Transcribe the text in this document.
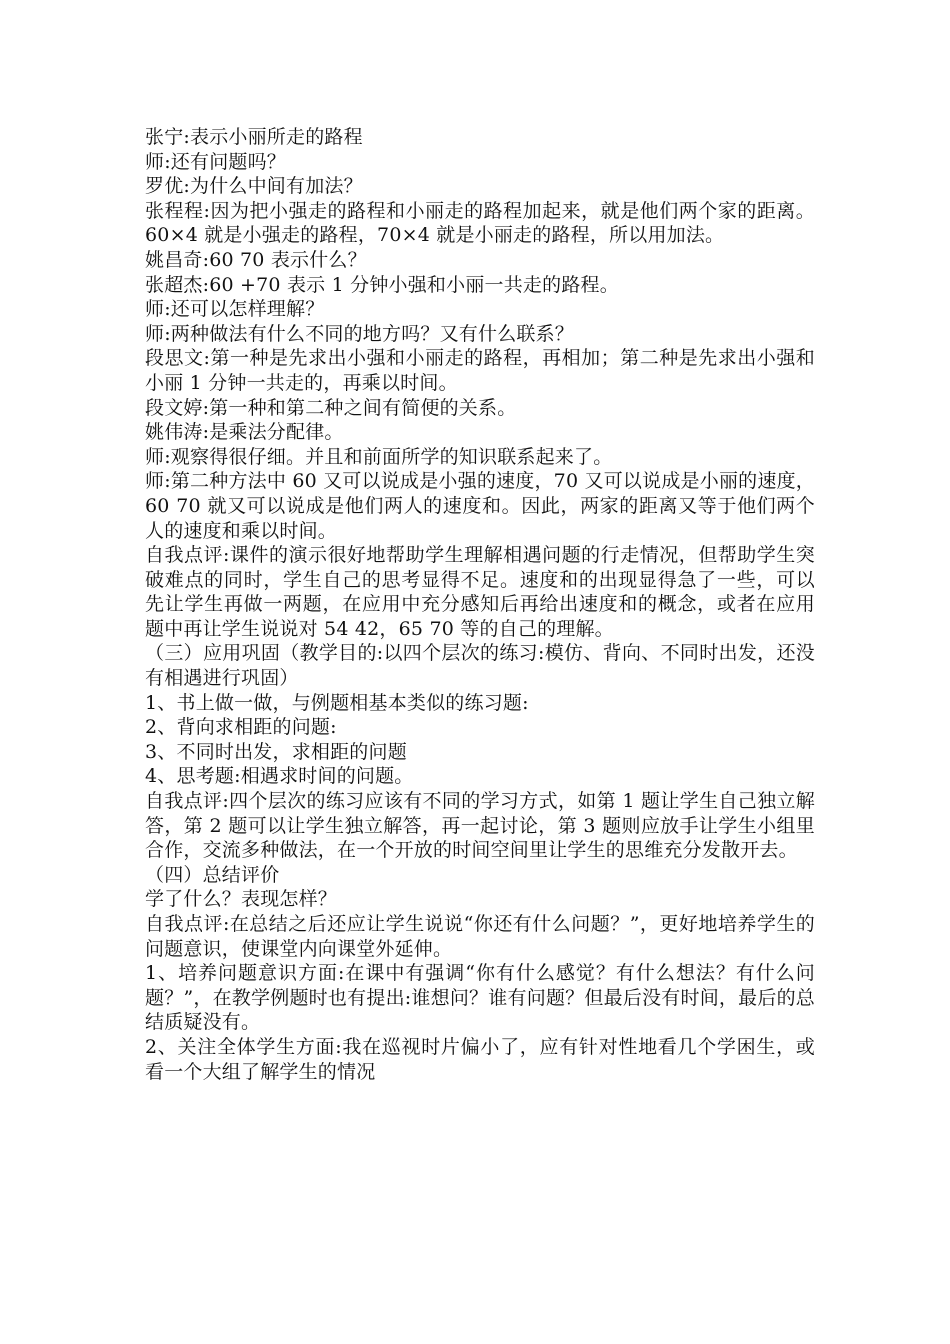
张宁:表示小丽所走的路程

师:还有问题吗？

罗优:为什么中间有加法？

张程程:因为把小强走的路程和小丽走的路程加起来，就是他们两个家的距离。60×4 就是小强走的路程，70×4 就是小丽走的路程，所以用加法。

姚昌奇:60 70 表示什么？

张超杰:60 +70 表示 1 分钟小强和小丽一共走的路程。

师:还可以怎样理解？

师:两种做法有什么不同的地方吗？又有什么联系？

段思文:第一种是先求出小强和小丽走的路程，再相加；第二种是先求出小强和小丽 1 分钟一共走的，再乘以时间。

段文婷:第一种和第二种之间有简便的关系。

姚伟涛:是乘法分配律。

师:观察得很仔细。并且和前面所学的知识联系起来了。

师:第二种方法中 60 又可以说成是小强的速度，70 又可以说成是小丽的速度，60 70 就又可以说成是他们两人的速度和。因此，两家的距离又等于他们两个人的速度和乘以时间。

自我点评:课件的演示很好地帮助学生理解相遇问题的行走情况，但帮助学生突破难点的同时，学生自己的思考显得不足。速度和的出现显得急了一些，可以先让学生再做一两题，在应用中充分感知后再给出速度和的概念，或者在应用题中再让学生说说对 54 42，65 70 等的自己的理解。

（三）应用巩固（教学目的:以四个层次的练习:模仿、背向、不同时出发，还没有相遇进行巩固）

1、书上做一做，与例题相基本类似的练习题:

2、背向求相距的问题:

3、不同时出发，求相距的问题

4、思考题:相遇求时间的问题。

自我点评:四个层次的练习应该有不同的学习方式，如第 1 题让学生自己独立解答，第 2 题可以让学生独立解答，再一起讨论，第 3 题则应放手让学生小组里合作，交流多种做法，在一个开放的时间空间里让学生的思维充分发散开去。

（四）总结评价

学了什么？表现怎样？

自我点评:在总结之后还应让学生说说“你还有什么问题？”，更好地培养学生的问题意识，使课堂内向课堂外延伸。

1、培养问题意识方面:在课中有强调“你有什么感觉？有什么想法？有什么问题？”，在教学例题时也有提出:谁想问？谁有问题？但最后没有时间，最后的总结质疑没有。

2、关注全体学生方面:我在巡视时片偏小了，应有针对性地看几个学困生，或看一个大组了解学生的情况
